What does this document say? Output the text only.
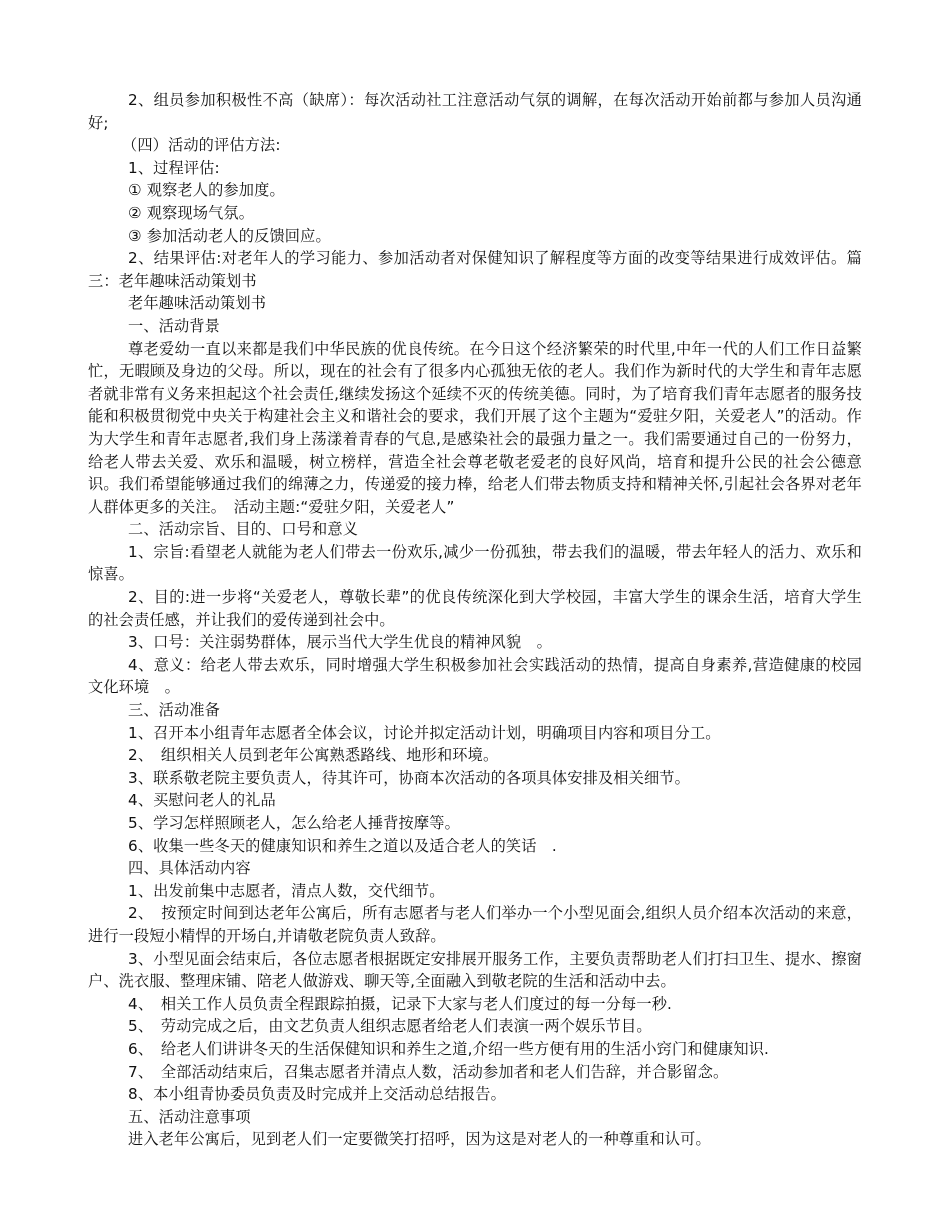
2、组员参加积极性不高（缺席）：每次活动社工注意活动气氛的调解，在每次活动开始前都与参加人员沟通好;

（四）活动的评估方法:

1、过程评估:

① 观察老人的参加度。

② 观察现场气氛。

③ 参加活动老人的反馈回应。

2、结果评估:对老年人的学习能力、参加活动者对保健知识了解程度等方面的改变等结果进行成效评估。篇三：老年趣味活动策划书

老年趣味活动策划书

一、活动背景

尊老爱幼一直以来都是我们中华民族的优良传统。在今日这个经济繁荣的时代里,中年一代的人们工作日益繁忙，无暇顾及身边的父母。所以，现在的社会有了很多内心孤独无依的老人。我们作为新时代的大学生和青年志愿者就非常有义务来担起这个社会责任,继续发扬这个延续不灭的传统美德。同时，为了培育我们青年志愿者的服务技能和积极贯彻党中央关于构建社会主义和谐社会的要求，我们开展了这个主题为“爱驻夕阳，关爱老人”的活动。作为大学生和青年志愿者,我们身上荡漾着青春的气息,是感染社会的最强力量之一。我们需要通过自己的一份努力，给老人带去关爱、欢乐和温暖，树立榜样，营造全社会尊老敬老爱老的良好风尚，培育和提升公民的社会公德意识。我们希望能够通过我们的绵薄之力，传递爱的接力棒，给老人们带去物质支持和精神关怀,引起社会各界对老年人群体更多的关注。　活动主题:“爱驻夕阳，关爱老人”

二、活动宗旨、目的、口号和意义

1、宗旨:看望老人就能为老人们带去一份欢乐,减少一份孤独，带去我们的温暖，带去年轻人的活力、欢乐和惊喜。

2、目的:进一步将“关爱老人，尊敬长辈”的优良传统深化到大学校园，丰富大学生的课余生活，培育大学生的社会责任感，并让我们的爱传递到社会中。

3、口号：关注弱势群体，展示当代大学生优良的精神风貌　。

4、意义：给老人带去欢乐，同时增强大学生积极参加社会实践活动的热情，提高自身素养,营造健康的校园文化环境　。

三、活动准备

1、召开本小组青年志愿者全体会议，讨论并拟定活动计划，明确项目内容和项目分工。

2、　组织相关人员到老年公寓熟悉路线、地形和环境。

3、联系敬老院主要负责人，待其许可，协商本次活动的各项具体安排及相关细节。

4、买慰问老人的礼品

5、学习怎样照顾老人，怎么给老人捶背按摩等。

6、收集一些冬天的健康知识和养生之道以及适合老人的笑话　.

四、具体活动内容

1、出发前集中志愿者，清点人数，交代细节。

2、　按预定时间到达老年公寓后，所有志愿者与老人们举办一个小型见面会,组织人员介绍本次活动的来意，进行一段短小精悍的开场白,并请敬老院负责人致辞。

3、小型见面会结束后，各位志愿者根据既定安排展开服务工作，主要负责帮助老人们打扫卫生、提水、擦窗户、洗衣服、整理床铺、陪老人做游戏、聊天等,全面融入到敬老院的生活和活动中去。

4、　相关工作人员负责全程跟踪拍摄，记录下大家与老人们度过的每一分每一秒.

5、　劳动完成之后，由文艺负责人组织志愿者给老人们表演一两个娱乐节目。

6、　给老人们讲讲冬天的生活保健知识和养生之道,介绍一些方便有用的生活小窍门和健康知识.

7、　全部活动结束后，召集志愿者并清点人数，活动参加者和老人们告辞，并合影留念。

8、本小组青协委员负责及时完成并上交活动总结报告。

五、活动注意事项

进入老年公寓后，见到老人们一定要微笑打招呼，因为这是对老人的一种尊重和认可。
